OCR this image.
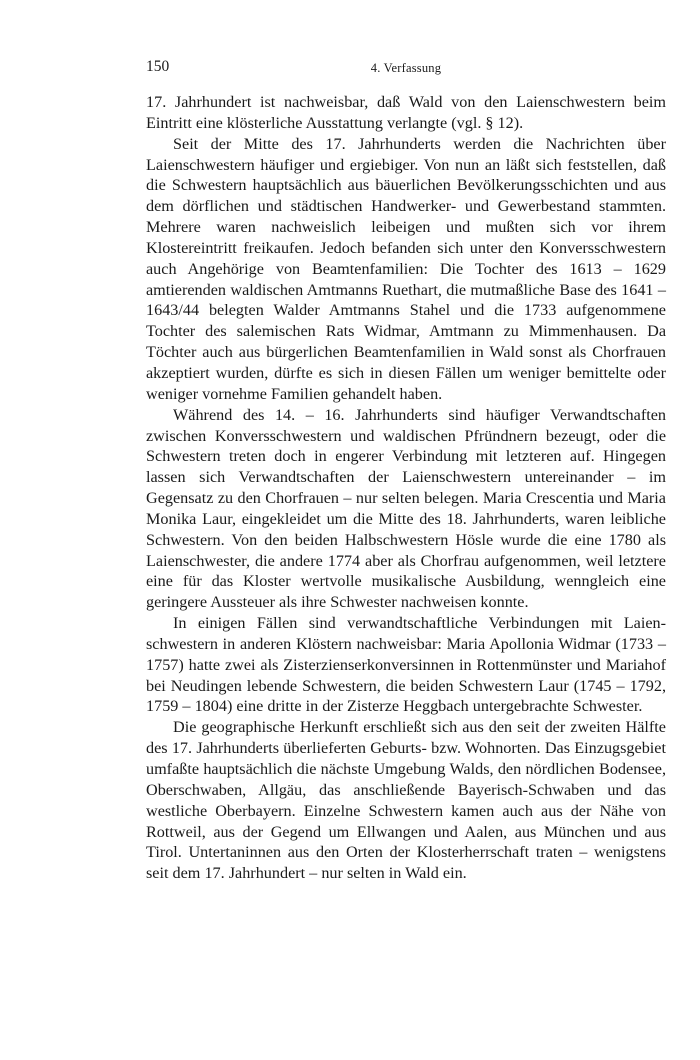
150	4. Verfassung

17. Jahrhundert ist nachweisbar, daß Wald von den Laienschwestern beim Eintritt eine klösterliche Ausstattung verlangte (vgl. § 12).

Seit der Mitte des 17. Jahrhunderts werden die Nachrichten über Laienschwestern häufiger und ergiebiger. Von nun an läßt sich feststellen, daß die Schwestern hauptsächlich aus bäuerlichen Bevölkerungsschichten und aus dem dörflichen und städtischen Handwerker- und Gewerbestand stammten. Mehrere waren nachweislich leibeigen und mußten sich vor ihrem Klostereintritt freikaufen. Jedoch befanden sich unter den Konversschwestern auch Angehörige von Beamtenfamilien: Die Tochter des 1613 – 1629 amtierenden waldischen Amtmanns Ruethart, die mutmaßliche Base des 1641 – 1643/44 belegten Walder Amtmanns Stahel und die 1733 aufgenommene Tochter des salemischen Rats Widmar, Amtmann zu Mimmenhausen. Da Töchter auch aus bürgerlichen Beamtenfamilien in Wald sonst als Chorfrauen akzeptiert wurden, dürfte es sich in diesen Fällen um weniger bemittelte oder weniger vornehme Familien gehandelt haben.

Während des 14. – 16. Jahrhunderts sind häufiger Verwandtschaften zwischen Konversschwestern und waldischen Pfründnern bezeugt, oder die Schwestern treten doch in engerer Verbindung mit letzteren auf. Hingegen lassen sich Verwandtschaften der Laienschwestern untereinander – im Gegensatz zu den Chorfrauen – nur selten belegen. Maria Crescentia und Maria Monika Laur, eingekleidet um die Mitte des 18. Jahrhunderts, waren leibliche Schwestern. Von den beiden Halbschwestern Hösle wurde die eine 1780 als Laienschwester, die andere 1774 aber als Chorfrau aufgenommen, weil letztere eine für das Kloster wertvolle musikalische Ausbildung, wenngleich eine geringere Aussteuer als ihre Schwester nachweisen konnte.

In einigen Fällen sind verwandtschaftliche Verbindungen mit Laienschwestern in anderen Klöstern nachweisbar: Maria Apollonia Widmar (1733 – 1757) hatte zwei als Zisterzienserkonversinnen in Rottenmünster und Mariahof bei Neudingen lebende Schwestern, die beiden Schwestern Laur (1745 – 1792, 1759 – 1804) eine dritte in der Zisterze Heggbach untergebrachte Schwester.

Die geographische Herkunft erschließt sich aus den seit der zweiten Hälfte des 17. Jahrhunderts überlieferten Geburts- bzw. Wohnorten. Das Einzugsgebiet umfaßte hauptsächlich die nächste Umgebung Walds, den nördlichen Bodensee, Oberschwaben, Allgäu, das anschließende Bayerisch-Schwaben und das westliche Oberbayern. Einzelne Schwestern kamen auch aus der Nähe von Rottweil, aus der Gegend um Ellwangen und Aalen, aus München und aus Tirol. Untertaninnen aus den Orten der Klosterherrschaft traten – wenigstens seit dem 17. Jahrhundert – nur selten in Wald ein.
